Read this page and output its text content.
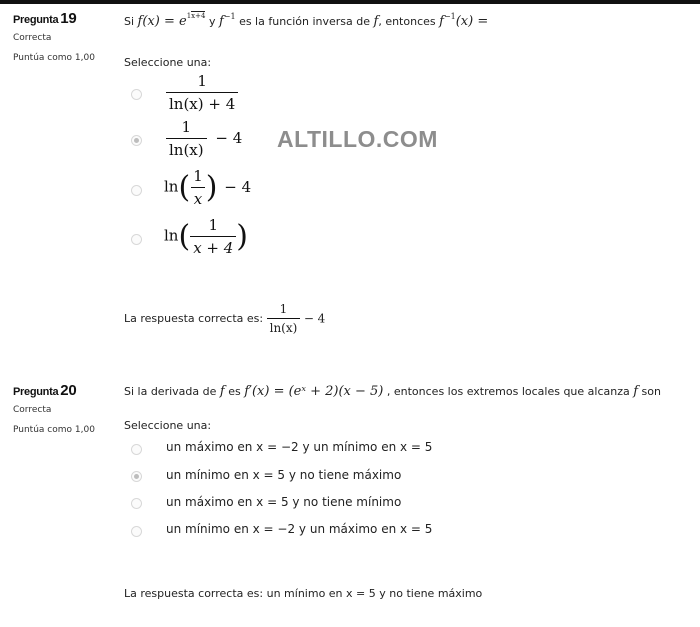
Pregunta 19
Correcta
Puntúa como 1,00
Si f(x) = e1x+4 y $f^{-1}$ es la función inversa de f, entonces $f^{-1}(x)$ =
Seleccione una:
$\frac{1}{\ln(x) + 4}$
$\frac{1}{\ln(x)} - 4$
$\ln( \frac{1}{x}$ ) − 4
$\ln( \frac{1}{x + 4}$ )
ALTILLO.COM
La respuesta correcta es: $\frac{1}{\ln(x)} - 4$
Pregunta 20
Correcta
Puntúa como 1,00
Si la derivada de f es f′(x) = (eˣ + 2)(x − 5) , entonces los extremos locales que alcanza f son
Seleccione una:
un máximo en x = −2 y un mínimo en x = 5
un mínimo en x = 5 y no tiene máximo
un máximo en x = 5 y no tiene mínimo
un mínimo en x = −2 y un máximo en x = 5
La respuesta correcta es: un mínimo en x = 5 y no tiene máximo
